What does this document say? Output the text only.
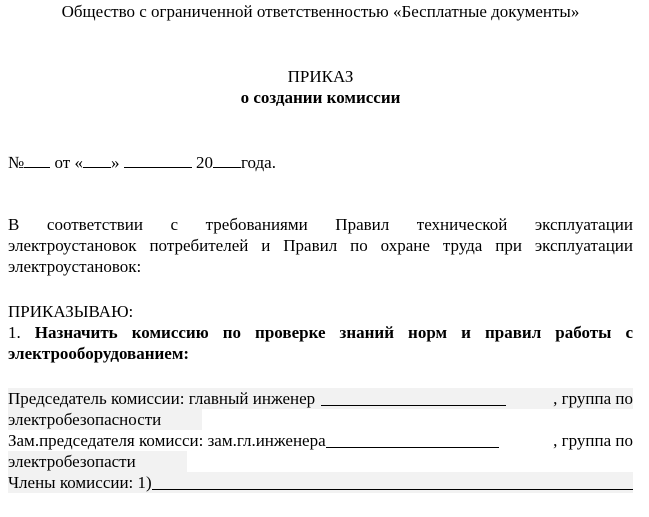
Общество с ограниченной ответственностью «Бесплатные документы»
ПРИКАЗ
о создании комиссии
№ от « »	20 года.
В соответствии с требованиями Правил технической эксплуатации
электроустановок потребителей и Правил по охране труда при эксплуатации
электроустановок:
ПРИКАЗЫВАЮ:
1. Назначить комиссию по проверке знаний норм и правил работы с
электрооборудованием:
Председатель комиссии: главный инженер	, группа по
электробезопасности
Зам.председателя комисси: зам.гл.инженера	, группа по
электробезопасти
Члены комиссии: 1)
